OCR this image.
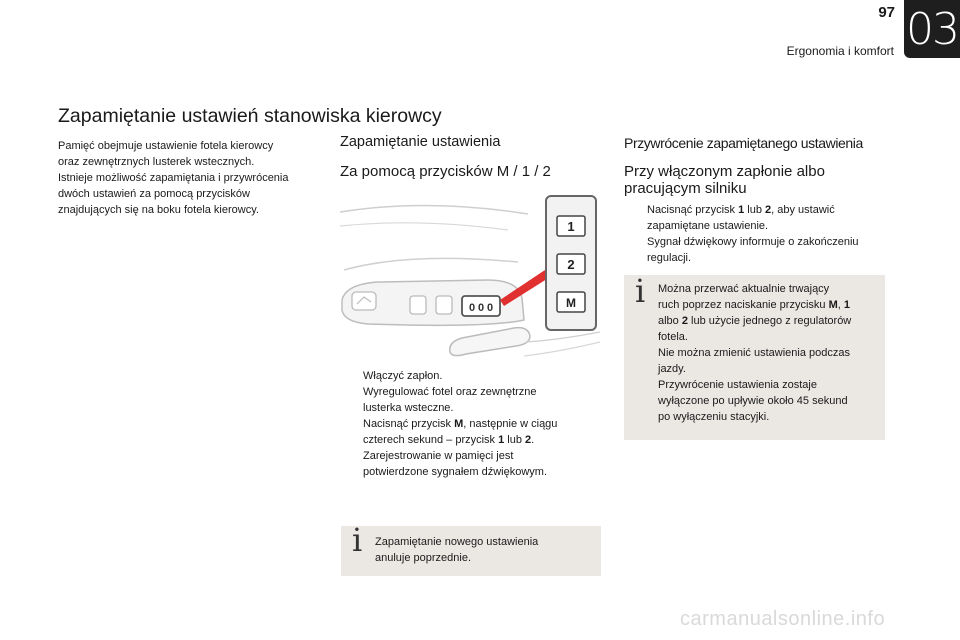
97
Ergonomia i komfort 03
Zapamiętanie ustawień stanowiska kierowcy
Pamięć obejmuje ustawienie fotela kierowcy
oraz zewnętrznych lusterek wstecznych.
Istnieje możliwość zapamiętania i przywrócenia
dwóch ustawień za pomocą przycisków
znajdujących się na boku fotela kierowcy.
Zapamiętanie ustawienia
Za pomocą przycisków M / 1 / 2
0 0 0
1
2
M
Włączyć zapłon.
Wyregulować fotel oraz zewnętrzne
lusterka wsteczne.
Nacisnąć przycisk M, następnie w ciągu
czterech sekund – przycisk 1 lub 2.
Zarejestrowanie w pamięci jest
potwierdzone sygnałem dźwiękowym.
i Zapamiętanie nowego ustawienia
anuluje poprzednie.
Przywrócenie zapamiętanego ustawienia
Przy włączonym zapłonie albo
pracującym silniku
Nacisnąć przycisk 1 lub 2, aby ustawić
zapamiętane ustawienie.
Sygnał dźwiękowy informuje o zakończeniu
regulacji.
i Można przerwać aktualnie trwający
ruch poprzez naciskanie przycisku M, 1
albo 2 lub użycie jednego z regulatorów
fotela.
Nie można zmienić ustawienia podczas
jazdy.
Przywrócenie ustawienia zostaje
wyłączone po upływie około 45 sekund
po wyłączeniu stacyjki.
carmanualsonline.info
